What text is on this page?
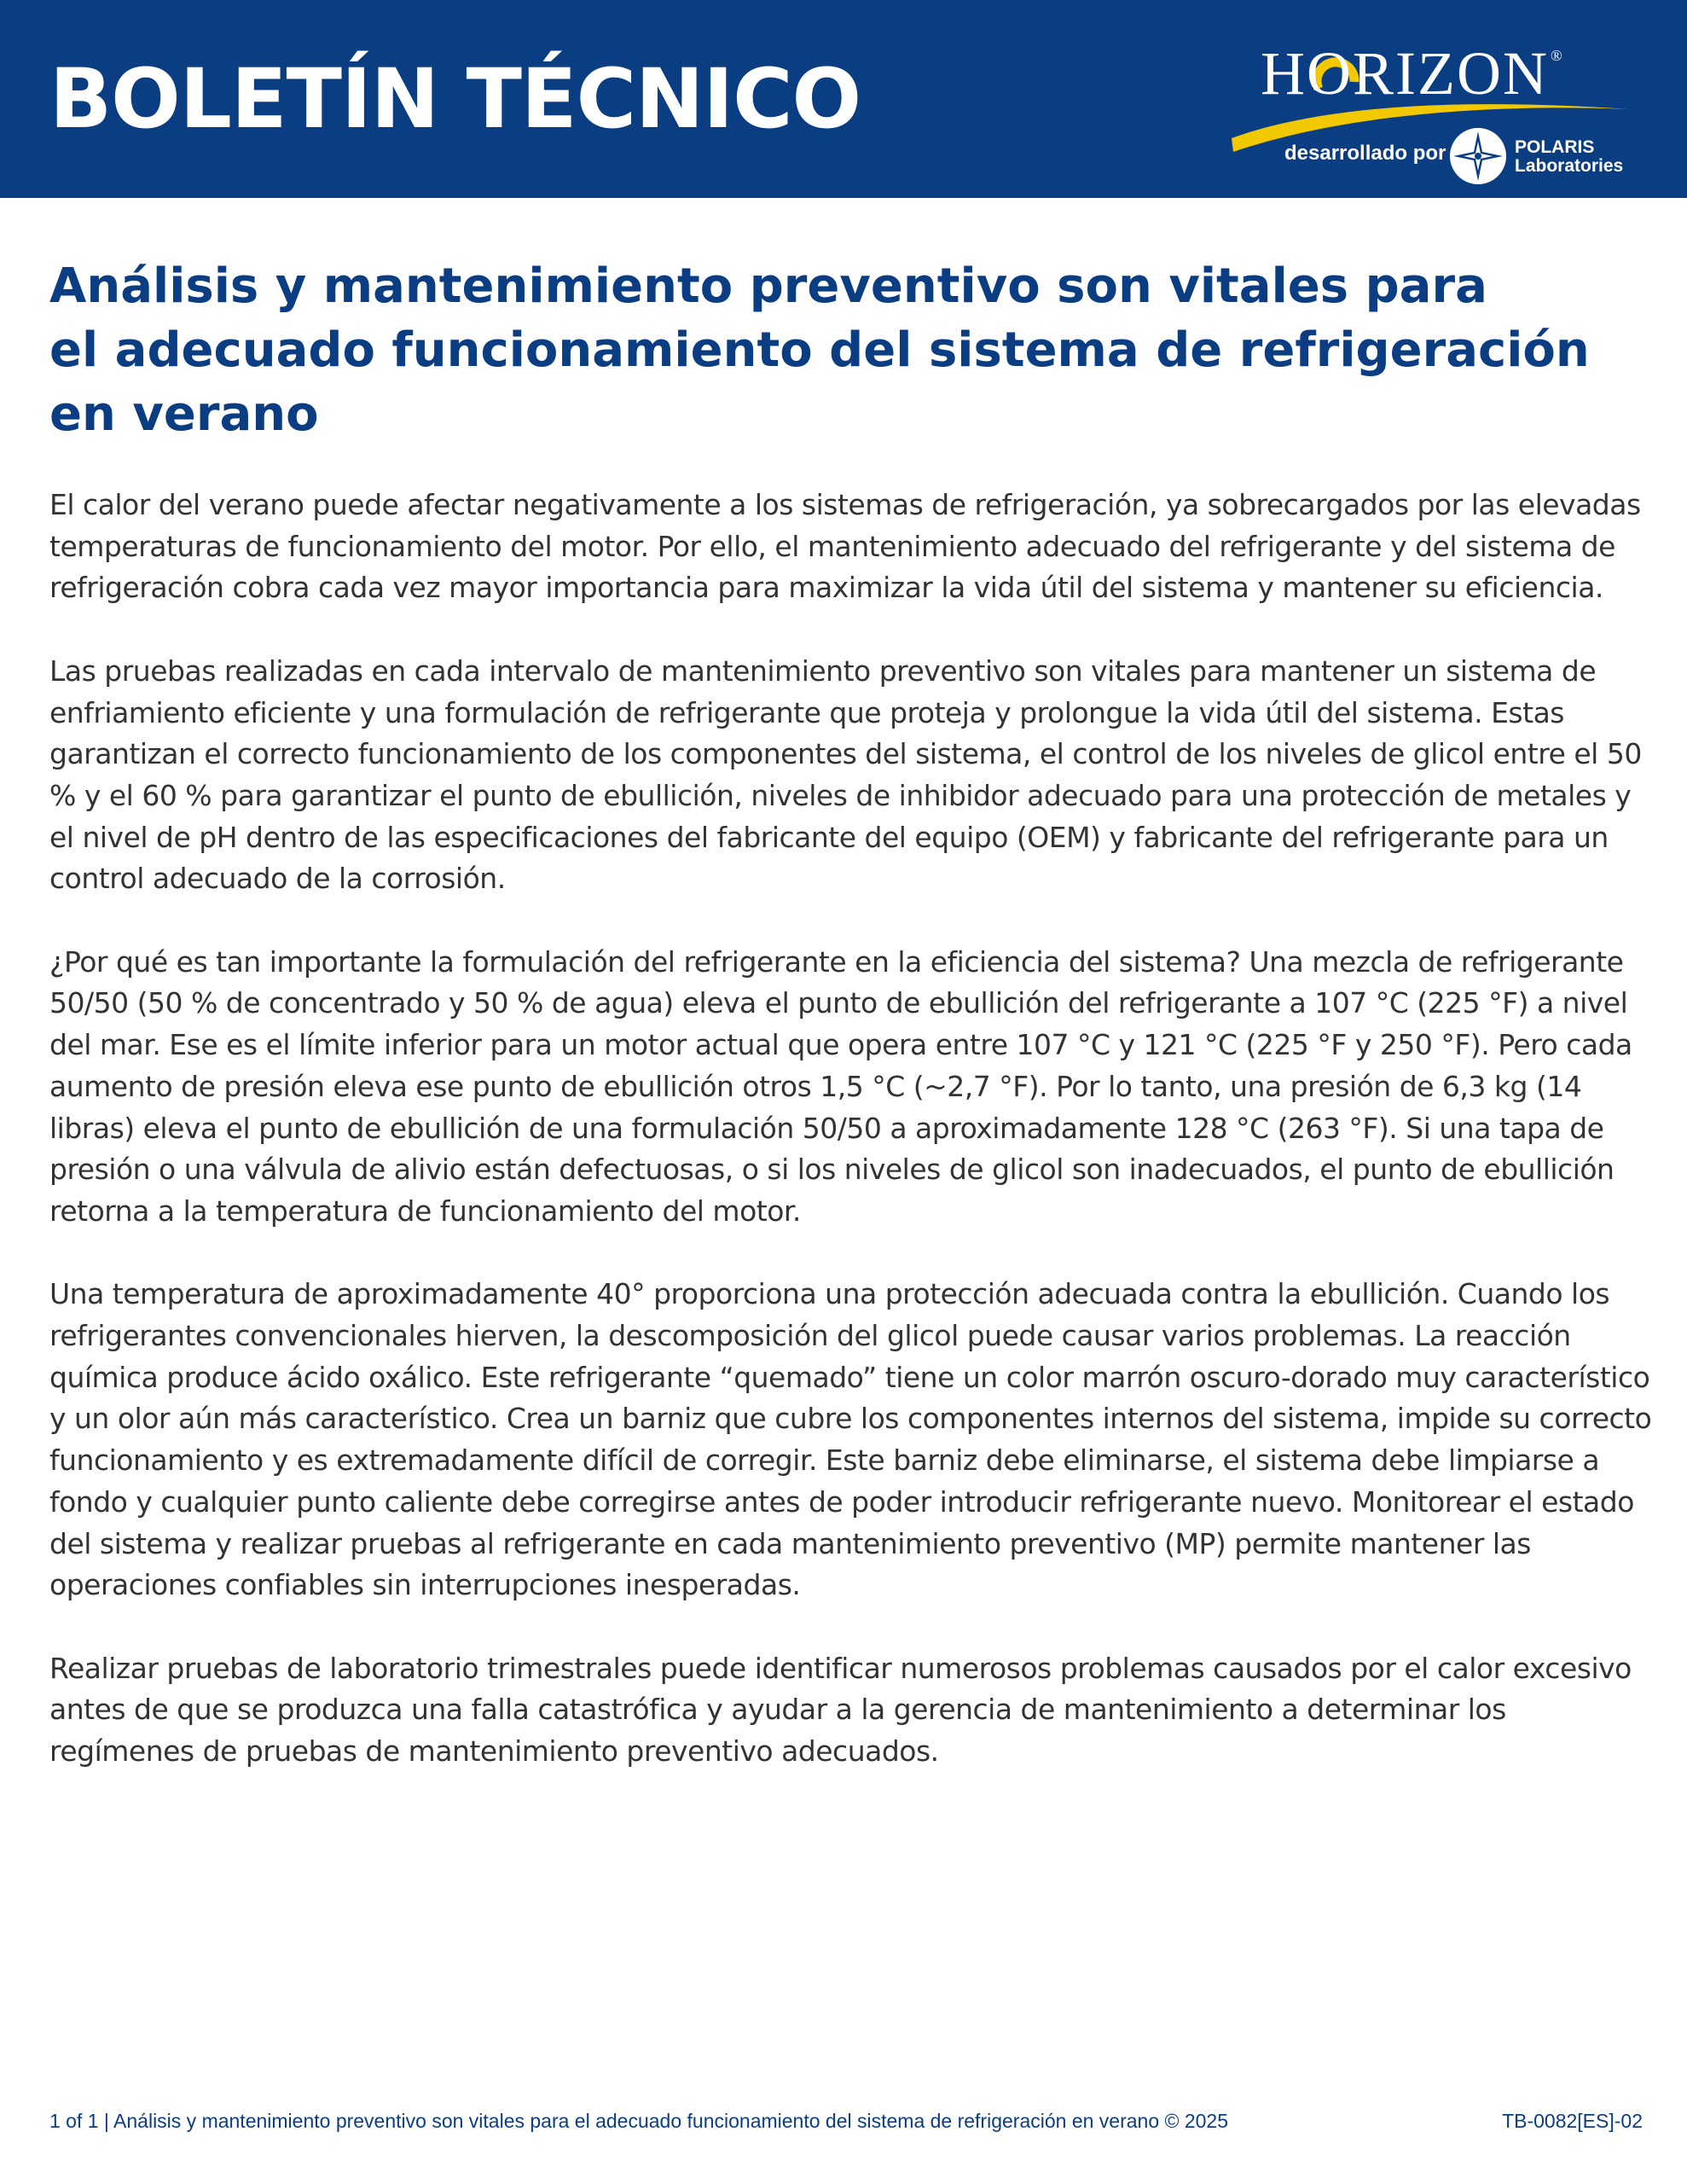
BOLETÍN TÉCNICO	HORIZON ®
desarrollado por	POLARIS
Laboratories
Análisis y mantenimiento preventivo son vitales para
el adecuado funcionamiento del sistema de refrigeración
en verano

El calor del verano puede afectar negativamente a los sistemas de refrigeración, ya sobrecargados por las elevadas temperaturas de funcionamiento del motor. Por ello, el mantenimiento adecuado del refrigerante y del sistema de refrigeración cobra cada vez mayor importancia para maximizar la vida útil del sistema y mantener su eficiencia.

Las pruebas realizadas en cada intervalo de mantenimiento preventivo son vitales para mantener un sistema de enfriamiento eficiente y una formulación de refrigerante que proteja y prolongue la vida útil del sistema. Estas garantizan el correcto funcionamiento de los componentes del sistema, el control de los niveles de glicol entre el 50 % y el 60 % para garantizar el punto de ebullición, niveles de inhibidor adecuado para una protección de metales y el nivel de pH dentro de las especificaciones del fabricante del equipo (OEM) y fabricante del refrigerante para un control adecuado de la corrosión.

¿Por qué es tan importante la formulación del refrigerante en la eficiencia del sistema? Una mezcla de refrigerante 50/50 (50 % de concentrado y 50 % de agua) eleva el punto de ebullición del refrigerante a 107 °C (225 °F) a nivel del mar. Ese es el límite inferior para un motor actual que opera entre 107 °C y 121 °C (225 °F y 250 °F). Pero cada aumento de presión eleva ese punto de ebullición otros 1,5 °C (~2,7 °F). Por lo tanto, una presión de 6,3 kg (14 libras) eleva el punto de ebullición de una formulación 50/50 a aproximadamente 128 °C (263 °F). Si una tapa de presión o una válvula de alivio están defectuosas, o si los niveles de glicol son inadecuados, el punto de ebullición retorna a la temperatura de funcionamiento del motor.

Una temperatura de aproximadamente 40° proporciona una protección adecuada contra la ebullición. Cuando los refrigerantes convencionales hierven, la descomposición del glicol puede causar varios problemas. La reacción química produce ácido oxálico. Este refrigerante “quemado” tiene un color marrón oscuro-dorado muy característico y un olor aún más característico. Crea un barniz que cubre los componentes internos del sistema, impide su correcto funcionamiento y es extremadamente difícil de corregir. Este barniz debe eliminarse, el sistema debe limpiarse a fondo y cualquier punto caliente debe corregirse antes de poder introducir refrigerante nuevo. Monitorear el estado del sistema y realizar pruebas al refrigerante en cada mantenimiento preventivo (MP) permite mantener las operaciones confiables sin interrupciones inesperadas.

Realizar pruebas de laboratorio trimestrales puede identificar numerosos problemas causados por el calor excesivo antes de que se produzca una falla catastrófica y ayudar a la gerencia de mantenimiento a determinar los regímenes de pruebas de mantenimiento preventivo adecuados.

1 of 1 | Análisis y mantenimiento preventivo son vitales para el adecuado funcionamiento del sistema de refrigeración en verano © 2025	TB-0082[ES]-02
